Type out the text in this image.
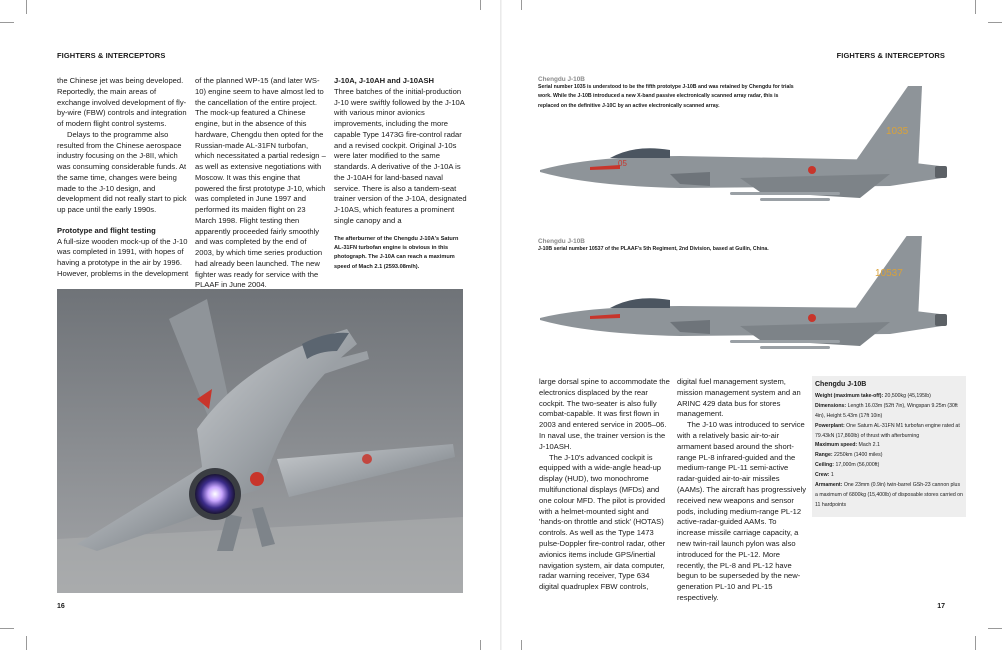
FIGHTERS & INTERCEPTORS	FIGHTERS & INTERCEPTORS

the Chinese jet was being developed. Reportedly, the main areas of exchange involved development of fly-by-wire (FBW) controls and integration of modern flight control systems.

Delays to the programme also resulted from the Chinese aerospace industry focusing on the J-8II, which was consuming considerable funds. At the same time, changes were being made to the J-10 design, and development did not really start to pick up pace until the early 1990s.

Prototype and flight testing

A full-size wooden mock-up of the J-10 was completed in 1991, with hopes of having a prototype in the air by 1996. However, problems in the development

of the planned WP-15 (and later WS-10) engine seem to have almost led to the cancellation of the entire project. The mock-up featured a Chinese engine, but in the absence of this hardware, Chengdu then opted for the Russian-made AL-31FN turbofan, which necessitated a partial redesign – as well as extensive negotiations with Moscow. It was this engine that powered the first prototype J-10, which was completed in June 1997 and performed its maiden flight on 23 March 1998. Flight testing then apparently proceeded fairly smoothly and was completed by the end of 2003, by which time series production had already been launched. The new fighter was ready for service with the PLAAF in June 2004.

J-10A, J-10AH and J-10ASH

Three batches of the initial-production J-10 were swiftly followed by the J-10A with various minor avionics improvements, including the more capable Type 1473G fire-control radar and a revised cockpit. Original J-10s were later modified to the same standards. A derivative of the J-10A is the J-10AH for land-based naval service. There is also a tandem-seat trainer version of the J-10A, designated J-10AS, which features a prominent single canopy and a

The afterburner of the Chengdu J-10A's Saturn AL-31FN turbofan engine is obvious in this photograph. The J-10A can reach a maximum speed of Mach 2.1 (2593.08m/h).

large dorsal spine to accommodate the electronics displaced by the rear cockpit. The two-seater is also fully combat-capable. It was first flown in 2003 and entered service in 2005–06. In naval use, the trainer version is the J-10ASH.

The J-10's advanced cockpit is equipped with a wide-angle head-up display (HUD), two monochrome multifunctional displays (MFDs) and one colour MFD. The pilot is provided with a helmet-mounted sight and 'hands-on throttle and stick' (HOTAS) controls. As well as the Type 1473 pulse-Doppler fire-control radar, other avionics items include GPS/inertial navigation system, air data computer, radar warning receiver, Type 634 digital quadruplex FBW controls,

digital fuel management system, mission management system and an ARINC 429 data bus for stores management.

The J-10 was introduced to service with a relatively basic air-to-air armament based around the short-range PL-8 infrared-guided and the medium-range PL-11 semi-active radar-guided air-to-air missiles (AAMs). The aircraft has progressively received new weapons and sensor pods, including medium-range PL-12 active-radar-guided AAMs. To increase missile carriage capacity, a new twin-rail launch pylon was also introduced for the PL-12. More recently, the PL-8 and PL-12 have begun to be superseded by the new-generation PL-10 and PL-15 respectively.

Chengdu J-10B
Serial number 1035 is understood to be the fifth prototype J-10B and was retained by Chengdu for trials work. While the J-10B introduced a new X-band passive electronically scanned array radar, this is replaced on the definitive J-10C by an active electronically scanned array.
1035
05
Chengdu J-10B
J-10B serial number 10537 of the PLAAF's 5th Regiment, 2nd Division, based at Guilin, China.
10537
Chengdu J-10B
Weight (maximum take-off): 20,500kg (45,195lb)
Dimensions: Length 16.03m (52ft 7in), Wingspan 9.25m (30ft 4in), Height 5.43m (17ft 10in)
Powerplant: One Saturn AL-31FN M1 turbofan engine rated at 79.43kN (17,860lb) of thrust with afterburning
Maximum speed: Mach 2.1
Range: 2250km (1400 miles)
Ceiling: 17,000m (56,000ft)
Crew: 1
Armament: One 23mm (0.9in) twin-barrel GSh-23 cannon plus a maximum of 6800kg (15,400lb) of disposable stores carried on 11 hardpoints
16	17
